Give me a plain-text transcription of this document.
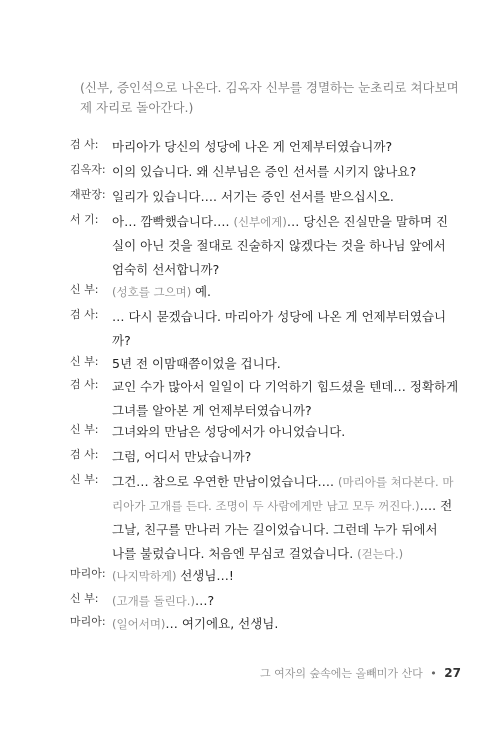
(신부, 증인석으로 나온다. 김옥자 신부를 경멸하는 눈초리로 쳐다보며
제 자리로 돌아간다.)
검 사:	마리아가 당신의 성당에 나온 게 언제부터였습니까?
김옥자: 이의 있습니다. 왜 신부님은 증인 선서를 시키지 않나요?
재판장: 일리가 있습니다…. 서기는 증인 선서를 받으십시오.
서 기:	아… 깜빡했습니다…. (신부에게)… 당신은 진실만을 말하며 진
실이 아닌 것을 절대로 진술하지 않겠다는 것을 하나님 앞에서
엄숙히 선서합니까?
신 부:	(성호를 그으며) 예.
검 사:	… 다시 묻겠습니다. 마리아가 성당에 나온 게 언제부터였습니
까?
신 부:	5년 전 이맘때쯤이었을 겁니다.
검 사:	교인 수가 많아서 일일이 다 기억하기 힘드셨을 텐데… 정확하게
그녀를 알아본 게 언제부터였습니까?
신 부:	그녀와의 만남은 성당에서가 아니었습니다.
검 사:	그럼, 어디서 만났습니까?
신 부:	그건… 참으로 우연한 만남이었습니다…. (마리아를 쳐다본다. 마
리아가 고개를 든다. 조명이 두 사람에게만 남고 모두 꺼진다.)…. 전
그날, 친구를 만나러 가는 길이었습니다. 그런데 누가 뒤에서
나를 불렀습니다. 처음엔 무심코 걸었습니다. (걷는다.)
마리아: (나지막하게) 선생님…!
신 부:	(고개를 돌린다.)…?
마리아: (일어서며)… 여기에요, 선생님.
그 여자의 숲속에는 올빼미가 산다 • 27
